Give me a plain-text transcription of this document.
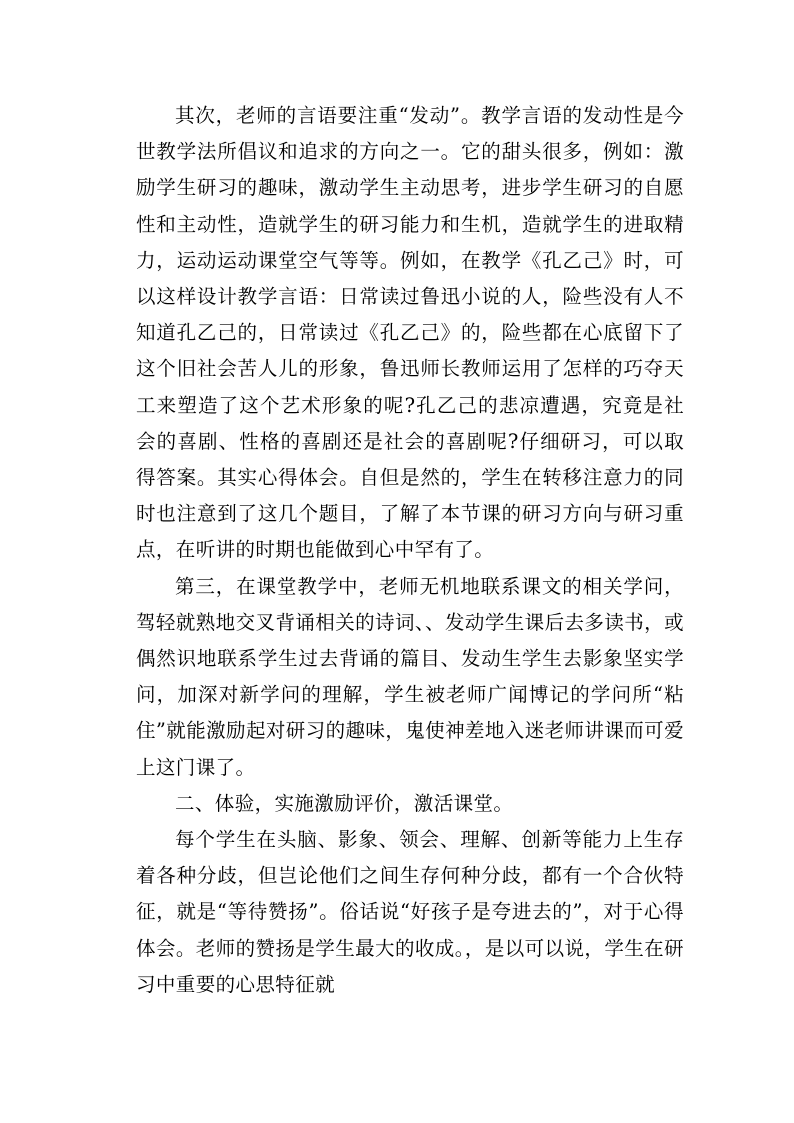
其次，老师的言语要注重“发动”。教学言语的发动性是今世教学法所倡议和追求的方向之一。它的甜头很多，例如：激励学生研习的趣味，激动学生主动思考，进步学生研习的自愿性和主动性，造就学生的研习能力和生机，造就学生的进取精力，运动运动课堂空气等等。例如，在教学《孔乙己》时，可以这样设计教学言语：日常读过鲁迅小说的人，险些没有人不知道孔乙己的，日常读过《孔乙己》的，险些都在心底留下了这个旧社会苦人儿的形象，鲁迅师长教师运用了怎样的巧夺天工来塑造了这个艺术形象的呢?孔乙己的悲凉遭遇，究竟是社会的喜剧、性格的喜剧还是社会的喜剧呢?仔细研习，可以取得答案。其实心得体会。自但是然的，学生在转移注意力的同时也注意到了这几个题目，了解了本节课的研习方向与研习重点，在听讲的时期也能做到心中罕有了。

第三，在课堂教学中，老师无机地联系课文的相关学问，驾轻就熟地交叉背诵相关的诗词、、发动学生课后去多读书，或偶然识地联系学生过去背诵的篇目、发动生学生去影象坚实学问，加深对新学问的理解，学生被老师广闻博记的学问所“粘住”就能激励起对研习的趣味，鬼使神差地入迷老师讲课而可爱上这门课了。

二、体验，实施激励评价，激活课堂。

每个学生在头脑、影象、领会、理解、创新等能力上生存着各种分歧，但岂论他们之间生存何种分歧，都有一个合伙特征，就是“等待赞扬”。俗话说“好孩子是夸进去的”，对于心得体会。老师的赞扬是学生最大的收成。，是以可以说，学生在研习中重要的心思特征就
